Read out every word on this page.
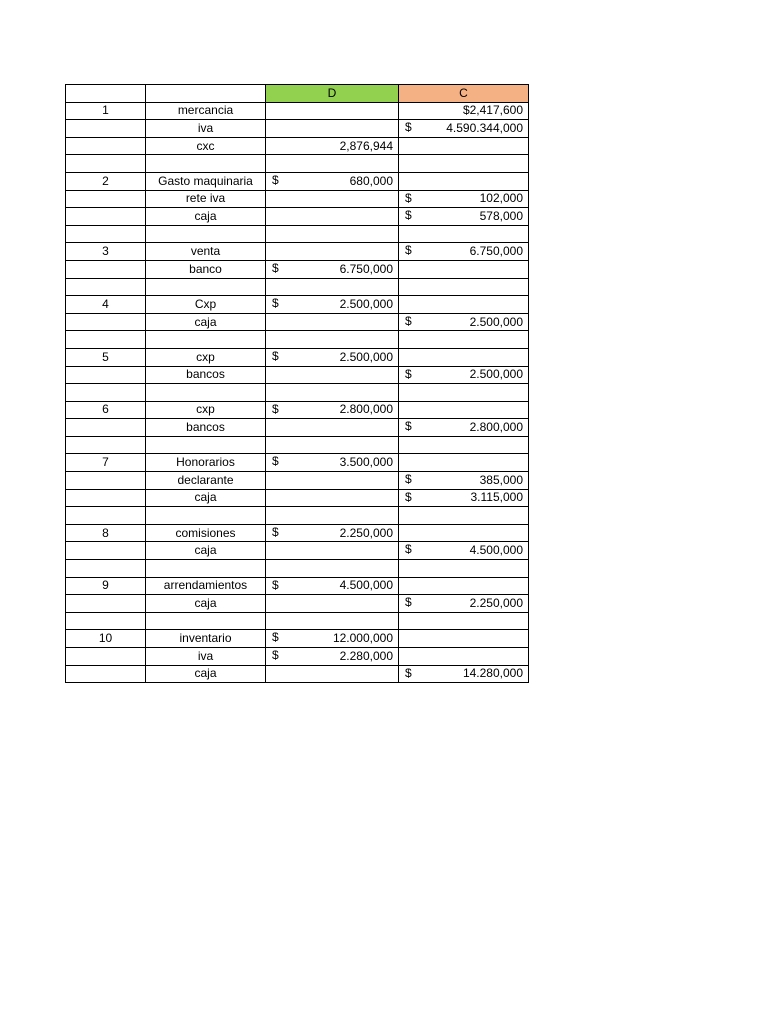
		D	C
1	mercancia		$2,417,600
	iva		$ 4.590.344,000
	cxc	2,876,944	

2	Gasto maquinaria	$ 680,000	

	rete iva		$ 102,000
	caja		$ 578,000

3	venta		$ 6.750,000
	banco	$ 6.750,000	

4	Cxp	$ 2.500,000	

	caja		$ 2.500,000

5	cxp	$ 2.500,000	

	bancos		$ 2.500,000

6	cxp	$ 2.800,000	

	bancos		$ 2.800,000

7	Honorarios	$ 3.500,000	

	declarante		$ 385,000
	caja		$ 3.115,000

8	comisiones	$ 2.250,000	

	caja		$ 4.500,000

9	arrendamientos	$ 4.500,000	

	caja		$ 2.250,000

10	inventario	$ 12.000,000	

	iva	$ 2.280,000	

	caja		$ 14.280,000
